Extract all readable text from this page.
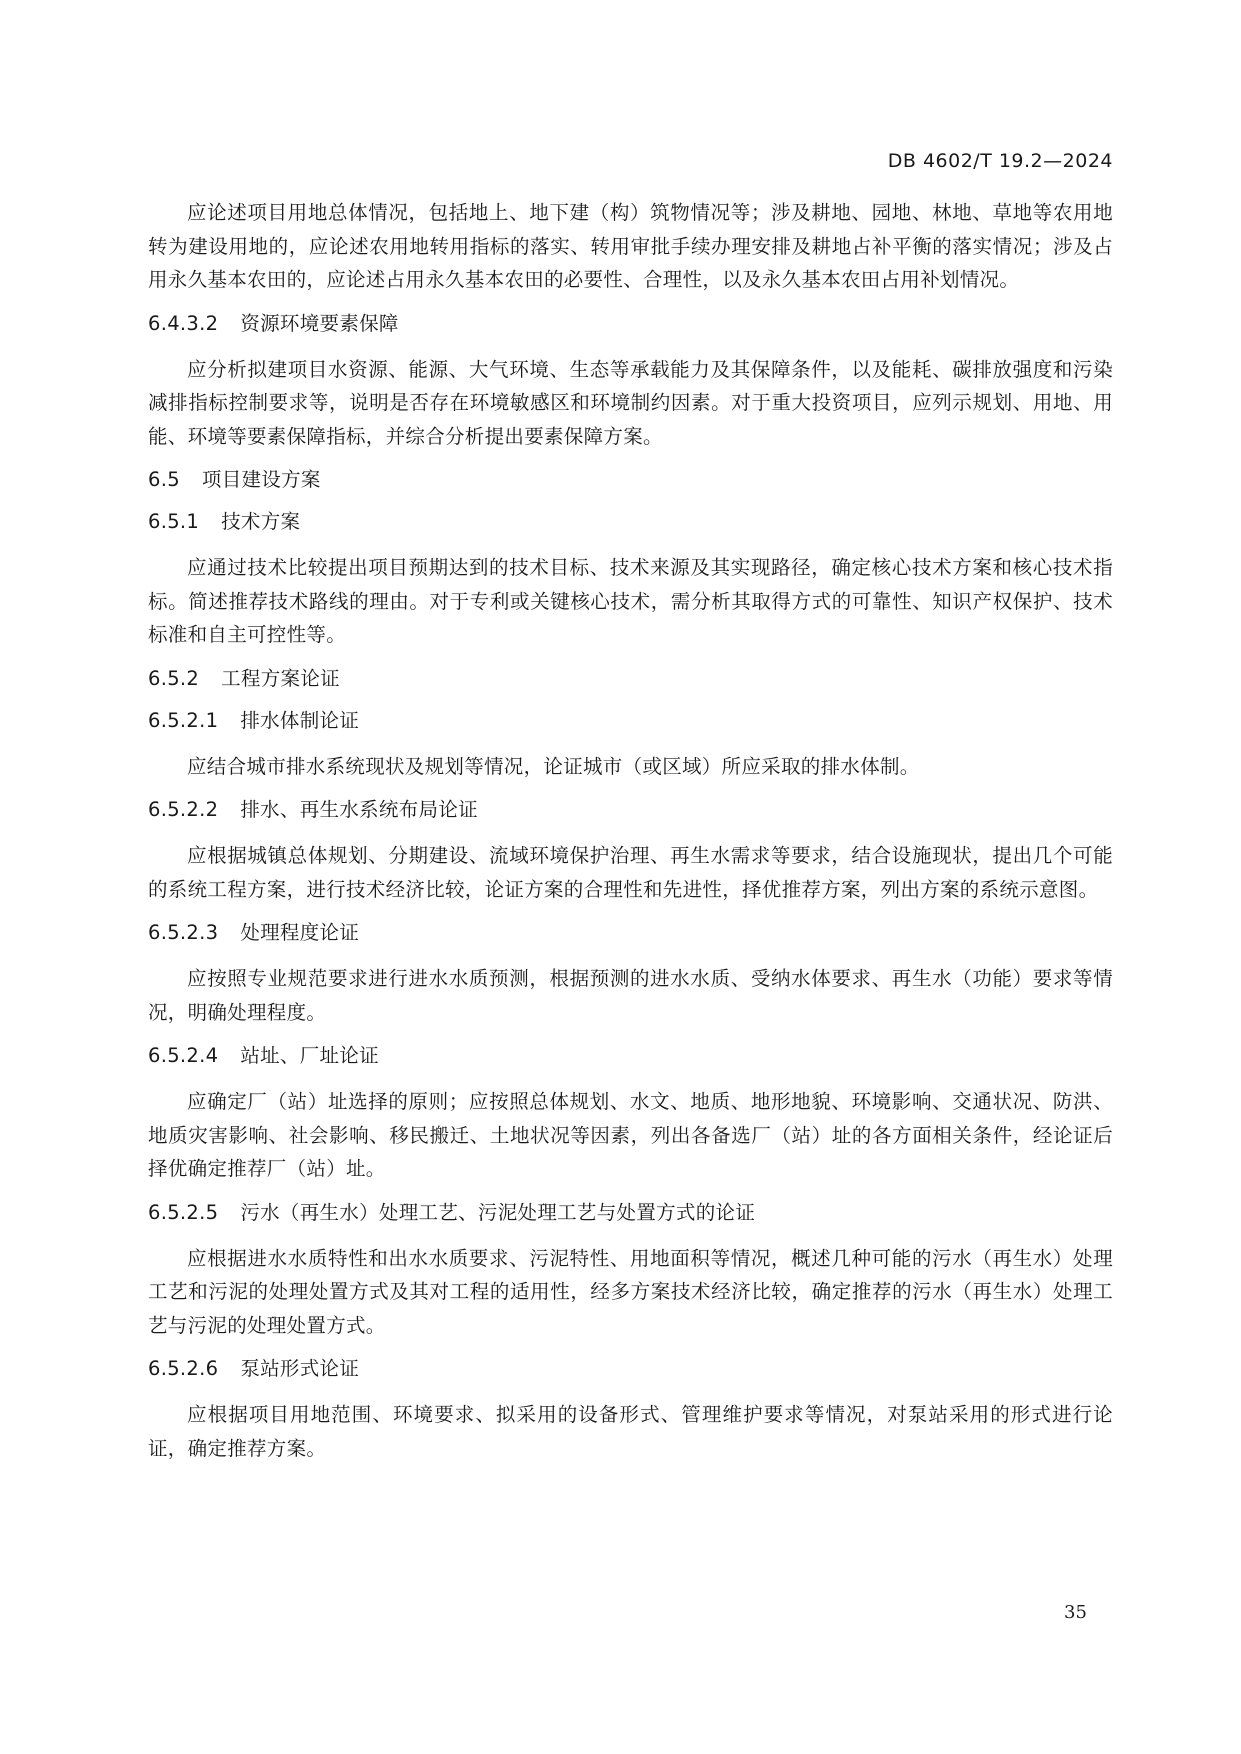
DB 4602/T 19.2—2024

应论述项目用地总体情况，包括地上、地下建（构）筑物情况等；涉及耕地、园地、林地、草地等农用地转为建设用地的，应论述农用地转用指标的落实、转用审批手续办理安排及耕地占补平衡的落实情况；涉及占用永久基本农田的，应论述占用永久基本农田的必要性、合理性，以及永久基本农田占用补划情况。

6.4.3.2 资源环境要素保障

应分析拟建项目水资源、能源、大气环境、生态等承载能力及其保障条件，以及能耗、碳排放强度和污染减排指标控制要求等，说明是否存在环境敏感区和环境制约因素。对于重大投资项目，应列示规划、用地、用能、环境等要素保障指标，并综合分析提出要素保障方案。

6.5 项目建设方案
6.5.1 技术方案

应通过技术比较提出项目预期达到的技术目标、技术来源及其实现路径，确定核心技术方案和核心技术指标。简述推荐技术路线的理由。对于专利或关键核心技术，需分析其取得方式的可靠性、知识产权保护、技术标准和自主可控性等。

6.5.2 工程方案论证
6.5.2.1 排水体制论证

应结合城市排水系统现状及规划等情况，论证城市（或区域）所应采取的排水体制。

6.5.2.2 排水、再生水系统布局论证

应根据城镇总体规划、分期建设、流域环境保护治理、再生水需求等要求，结合设施现状，提出几个可能的系统工程方案，进行技术经济比较，论证方案的合理性和先进性，择优推荐方案，列出方案的系统示意图。

6.5.2.3 处理程度论证

应按照专业规范要求进行进水水质预测，根据预测的进水水质、受纳水体要求、再生水（功能）要求等情况，明确处理程度。

6.5.2.4 站址、厂址论证

应确定厂（站）址选择的原则；应按照总体规划、水文、地质、地形地貌、环境影响、交通状况、防洪、地质灾害影响、社会影响、移民搬迁、土地状况等因素，列出各备选厂（站）址的各方面相关条件，经论证后择优确定推荐厂（站）址。

6.5.2.5 污水（再生水）处理工艺、污泥处理工艺与处置方式的论证

应根据进水水质特性和出水水质要求、污泥特性、用地面积等情况，概述几种可能的污水（再生水）处理工艺和污泥的处理处置方式及其对工程的适用性，经多方案技术经济比较，确定推荐的污水（再生水）处理工艺与污泥的处理处置方式。

6.5.2.6 泵站形式论证

应根据项目用地范围、环境要求、拟采用的设备形式、管理维护要求等情况，对泵站采用的形式进行论证，确定推荐方案。

35
